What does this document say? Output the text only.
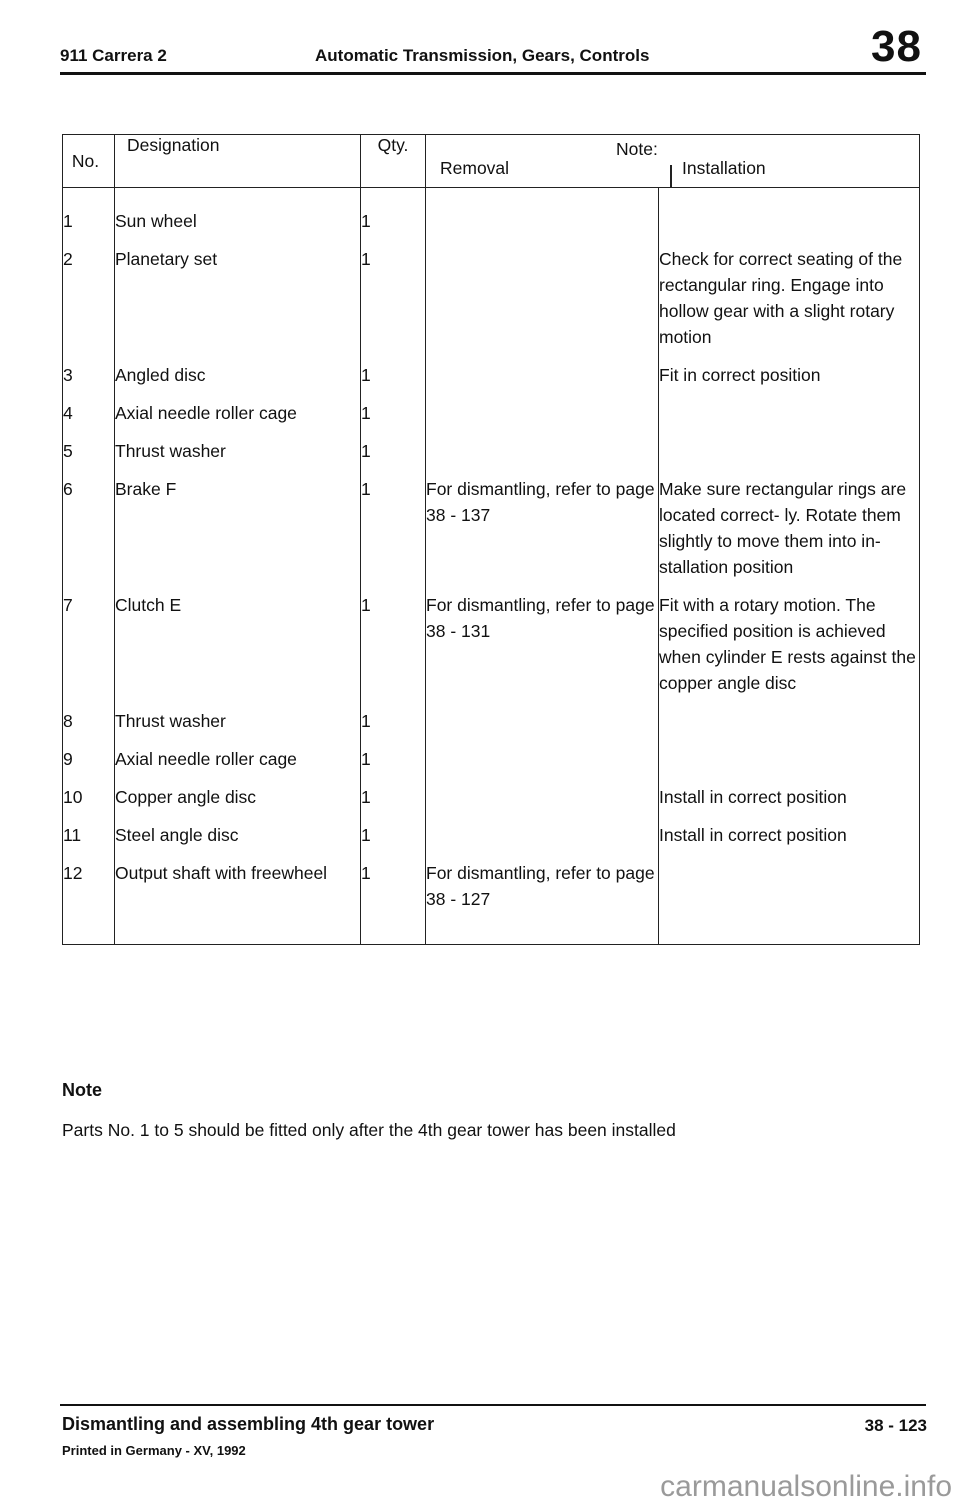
911 Carrera 2	Automatic Transmission, Gears, Controls	38
No.	Designation	Qty.	Note:
Removal Installation	

1	Sun wheel	1		
2	Planetary set	1		Check for correct seating of the rectangular ring. Engage into hollow gear with a slight rotary motion
3	Angled disc	1		Fit in correct position
4	Axial needle roller cage	1		
5	Thrust washer	1		
6	Brake F	1	For dismantling, refer to page 38 - 137	Make sure rectangular rings are located correct- ly. Rotate them slightly to move them into in- stallation position
7	Clutch E	1	For dismantling, refer to page 38 - 131	Fit with a rotary motion. The specified position is achieved when cylinder E rests against the copper angle disc
8	Thrust washer	1		
9	Axial needle roller cage	1		
10	Copper angle disc	1		Install in correct position
11	Steel angle disc	1		Install in correct position
12	Output shaft with freewheel	1	For dismantling, refer to page 38 - 127	
Note
Parts No. 1 to 5 should be fitted only after the 4th gear tower has been installed
Dismantling and assembling 4th gear tower	38 - 123
Printed in Germany - XV, 1992
carmanualsonline.info
